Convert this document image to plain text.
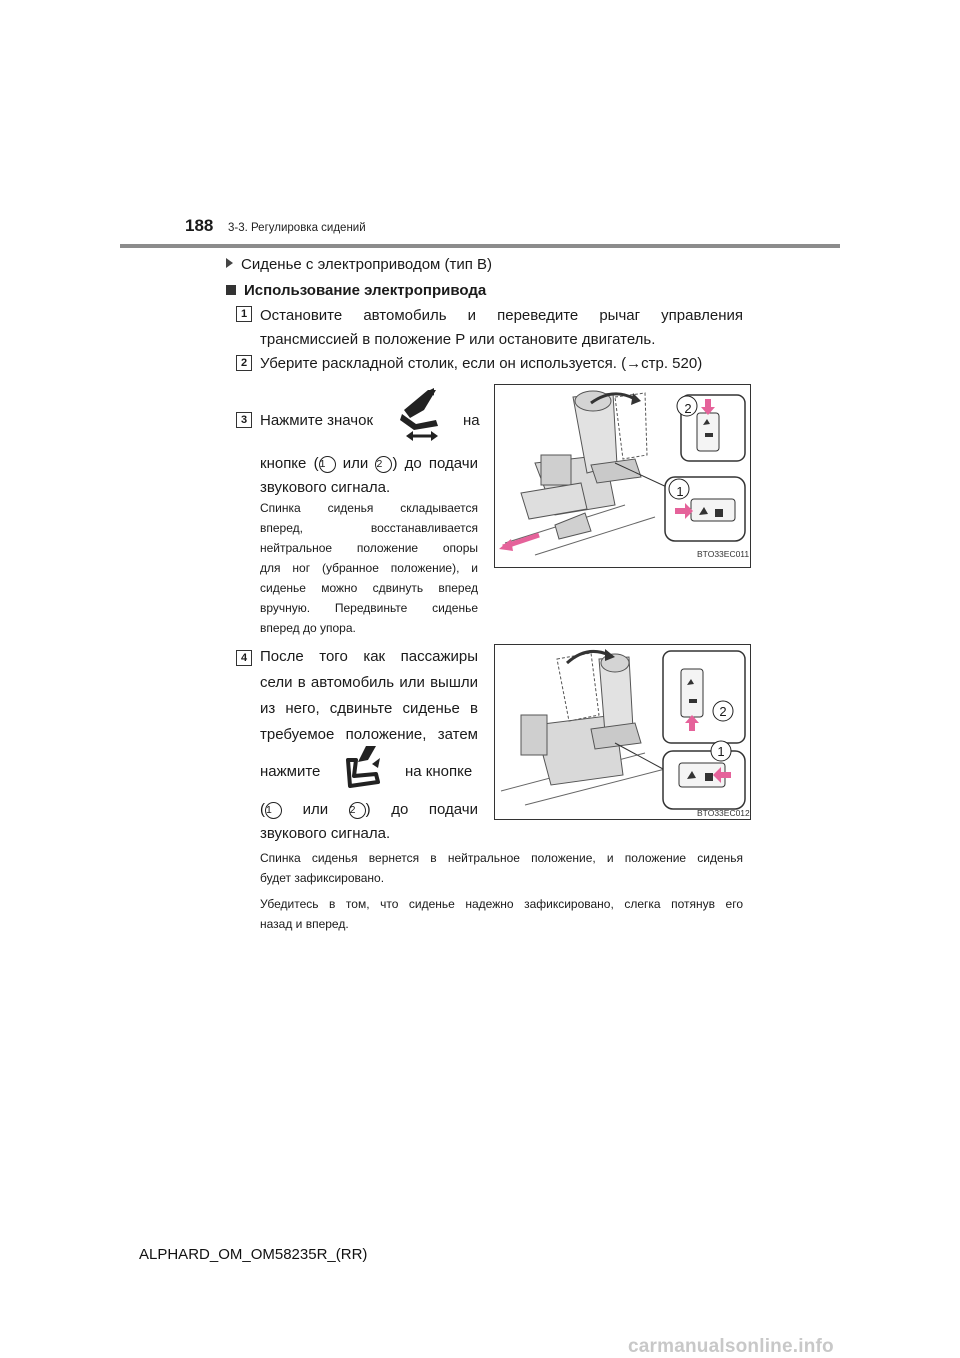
188 3-3. Регулировка сидений
Сиденье с электроприводом (тип B)
Использование электропривода
1 Остановите автомобиль и переведите рычаг управления
трансмиссией в положение P или остановите двигатель.
2 Уберите раскладной столик, если он используется. (→стр. 520)
3 Нажмите значок	на
кнопке (1 или 2 ) до подачи
звукового сигнала.
Спинка сиденья складывается
вперед, восстанавливается
нейтральное положение опоры
для ног (убранное положение), и
сиденье можно сдвинуть вперед
вручную. Передвиньте сиденье
вперед до упора.
2
1
BTO33EC011
4 После того как пассажиры
сели в автомобиль или вышли
из него, сдвиньте сиденье в
требуемое положение, затем
нажмите	на кнопке
(1 или 2 ) до подачи
звукового сигнала.
Спинка сиденья вернется в нейтральное положение, и положение сиденья
будет зафиксировано.
Убедитесь в том, что сиденье надежно зафиксировано, слегка потянув его
назад и вперед.
2
1
BTO33EC012
ALPHARD_OM_OM58235R_(RR)
carmanualsonline.info
